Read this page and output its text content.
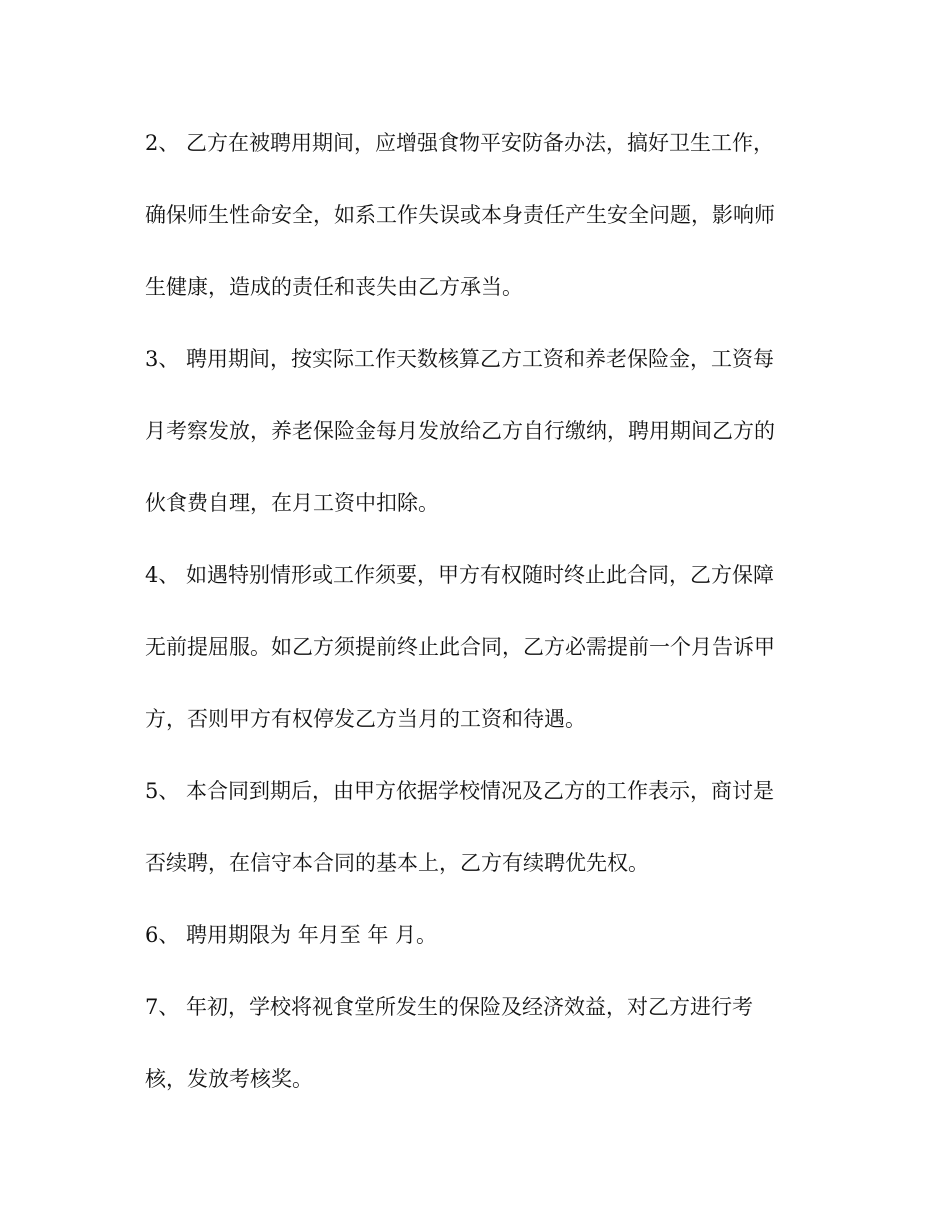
2、 乙方在被聘用期间，应增强食物平安防备办法，搞好卫生工作，

确保师生性命安全，如系工作失误或本身责任产生安全问题，影响师

生健康，造成的责任和丧失由乙方承当。

3、 聘用期间，按实际工作天数核算乙方工资和养老保险金，工资每

月考察发放，养老保险金每月发放给乙方自行缴纳，聘用期间乙方的

伙食费自理，在月工资中扣除。

4、 如遇特别情形或工作须要，甲方有权随时终止此合同，乙方保障

无前提屈服。如乙方须提前终止此合同，乙方必需提前一个月告诉甲

方，否则甲方有权停发乙方当月的工资和待遇。

5、 本合同到期后，由甲方依据学校情况及乙方的工作表示，商讨是

否续聘，在信守本合同的基本上，乙方有续聘优先权。

6、 聘用期限为 年月至 年 月。

7、 年初，学校将视食堂所发生的保险及经济效益，对乙方进行考

核，发放考核奖。
